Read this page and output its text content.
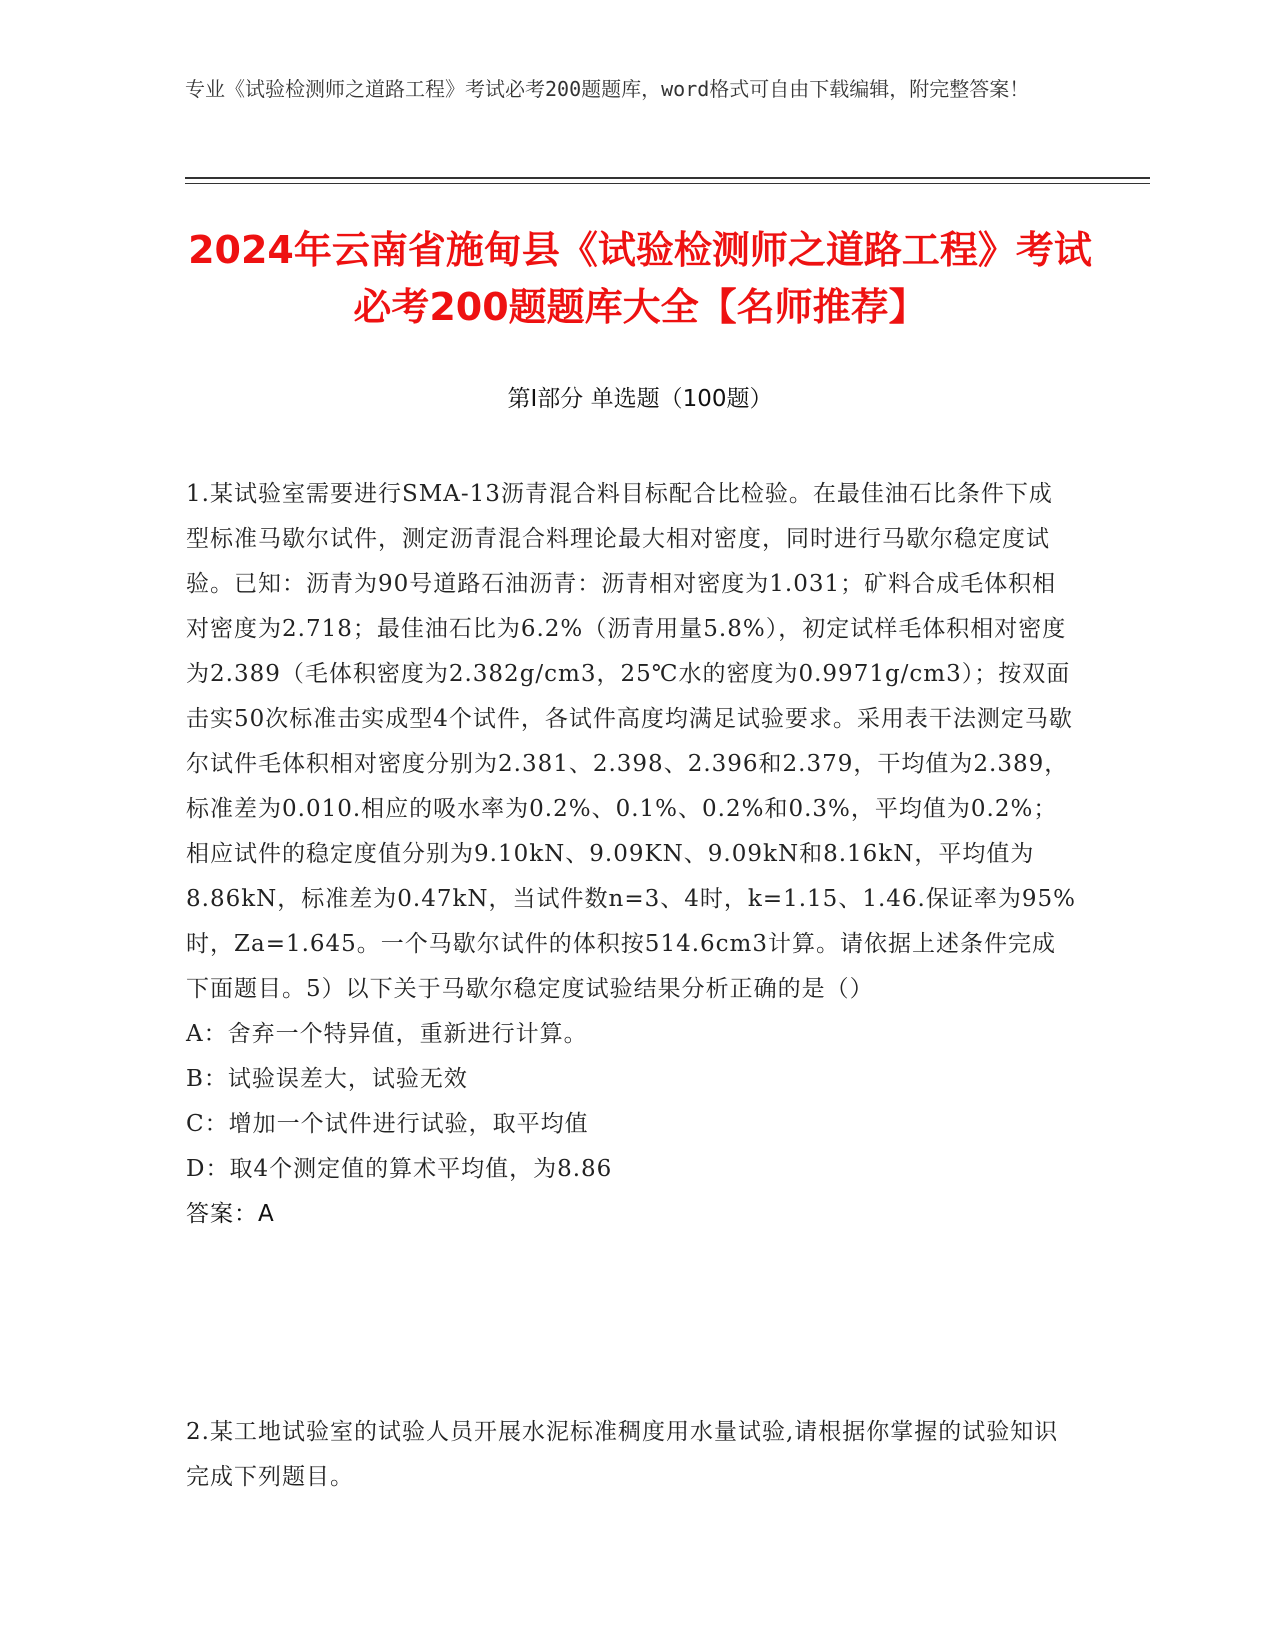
专业《试验检测师之道路工程》考试必考200题题库，word格式可自由下载编辑，附完整答案！
2024年云南省施甸县《试验检测师之道路工程》考试必考200题题库大全【名师推荐】
第I部分 单选题（100题）
1.某试验室需要进行SMA-13沥青混合料目标配合比检验。在最佳油石比条件下成型标准马歇尔试件，测定沥青混合料理论最大相对密度，同时进行马歇尔稳定度试验。已知：沥青为90号道路石油沥青：沥青相对密度为1.031；矿料合成毛体积相对密度为2.718；最佳油石比为6.2%（沥青用量5.8%），初定试样毛体积相对密度为2.389（毛体积密度为2.382g/cm3，25℃水的密度为0.9971g/cm3）；按双面击实50次标准击实成型4个试件，各试件高度均满足试验要求。采用表干法测定马歇尔试件毛体积相对密度分别为2.381、2.398、2.396和2.379，干均值为2.389，标准差为0.010.相应的吸水率为0.2%、0.1%、0.2%和0.3%，平均值为0.2%；相应试件的稳定度值分别为9.10kN、9.09KN、9.09kN和8.16kN，平均值为8.86kN，标准差为0.47kN，当试件数n=3、4时，k=1.15、1.46.保证率为95%时，Za=1.645。一个马歇尔试件的体积按514.6cm3计算。请依据上述条件完成下面题目。5）以下关于马歇尔稳定度试验结果分析正确的是（）
A：舍弃一个特异值，重新进行计算。
B：试验误差大，试验无效
C：增加一个试件进行试验，取平均值
D：取4个测定值的算术平均值，为8.86
答案：A
2.某工地试验室的试验人员开展水泥标准稠度用水量试验,请根据你掌握的试验知识完成下列题目。
